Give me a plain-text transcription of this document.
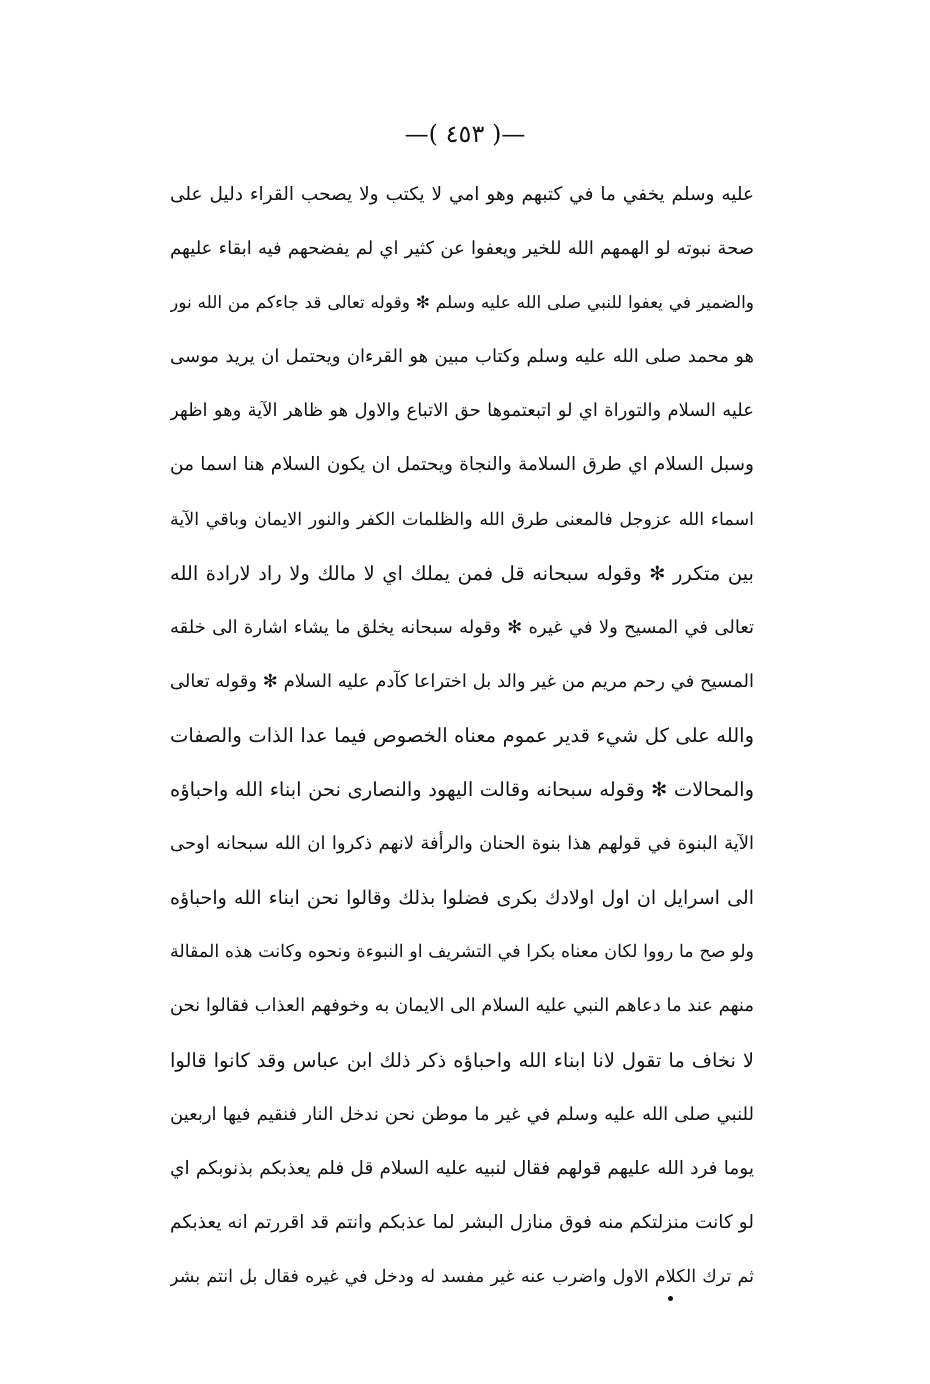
—( ٤٥٣ )—
عليه وسلم يخفي ما في كتبهم وهو امي لا يكتب ولا يصحب القراء دليل على
صحة نبوته لو الهمهم الله للخير ويعفوا عن كثير اي لم يفضحهم فيه ابقاء عليهم
والضمير في يعفوا للنبي صلى الله عليه وسلم ✻ وقوله تعالى قد جاءكم من الله نور
هو محمد صلى الله عليه وسلم وكتاب مبين هو القرءان ويحتمل ان يريد موسى
عليه السلام والتوراة اي لو اتبعتموها حق الاتباع والاول هو ظاهر الآية وهو اظهر
وسبل السلام اي طرق السلامة والنجاة ويحتمل ان يكون السلام هنا اسما من
اسماء الله عزوجل فالمعنى طرق الله والظلمات الكفر والنور الايمان وباقي الآية
بين متكرر ✻ وقوله سبحانه قل فمن يملك اي لا مالك ولا راد لارادة الله
تعالى في المسيح ولا في غيره ✻ وقوله سبحانه يخلق ما يشاء اشارة الى خلقه
المسيح في رحم مريم من غير والد بل اختراعا كآدم عليه السلام ✻ وقوله تعالى
والله على كل شيء قدير عموم معناه الخصوص فيما عدا الذات والصفات
والمحالات ✻ وقوله سبحانه وقالت اليهود والنصارى نحن ابناء الله واحباؤه
الآية البنوة في قولهم هذا بنوة الحنان والرأفة لانهم ذكروا ان الله سبحانه اوحى
الى اسرايل ان اول اولادك بكرى فضلوا بذلك وقالوا نحن ابناء الله واحباؤه
ولو صح ما رووا لكان معناه بكرا في التشريف او النبوءة ونحوه وكانت هذه المقالة
منهم عند ما دعاهم النبي عليه السلام الى الايمان به وخوفهم العذاب فقالوا نحن
لا نخاف ما تقول لانا ابناء الله واحباؤه ذكر ذلك ابن عباس وقد كانوا قالوا
للنبي صلى الله عليه وسلم في غير ما موطن نحن ندخل النار فنقيم فيها اربعين
يوما فرد الله عليهم قولهم فقال لنبيه عليه السلام قل فلم يعذبكم بذنوبكم اي
لو كانت منزلتكم منه فوق منازل البشر لما عذبكم وانتم قد اقررتم انه يعذبكم
ثم ترك الكلام الاول واضرب عنه غير مفسد له ودخل في غيره فقال بل انتم بشر
